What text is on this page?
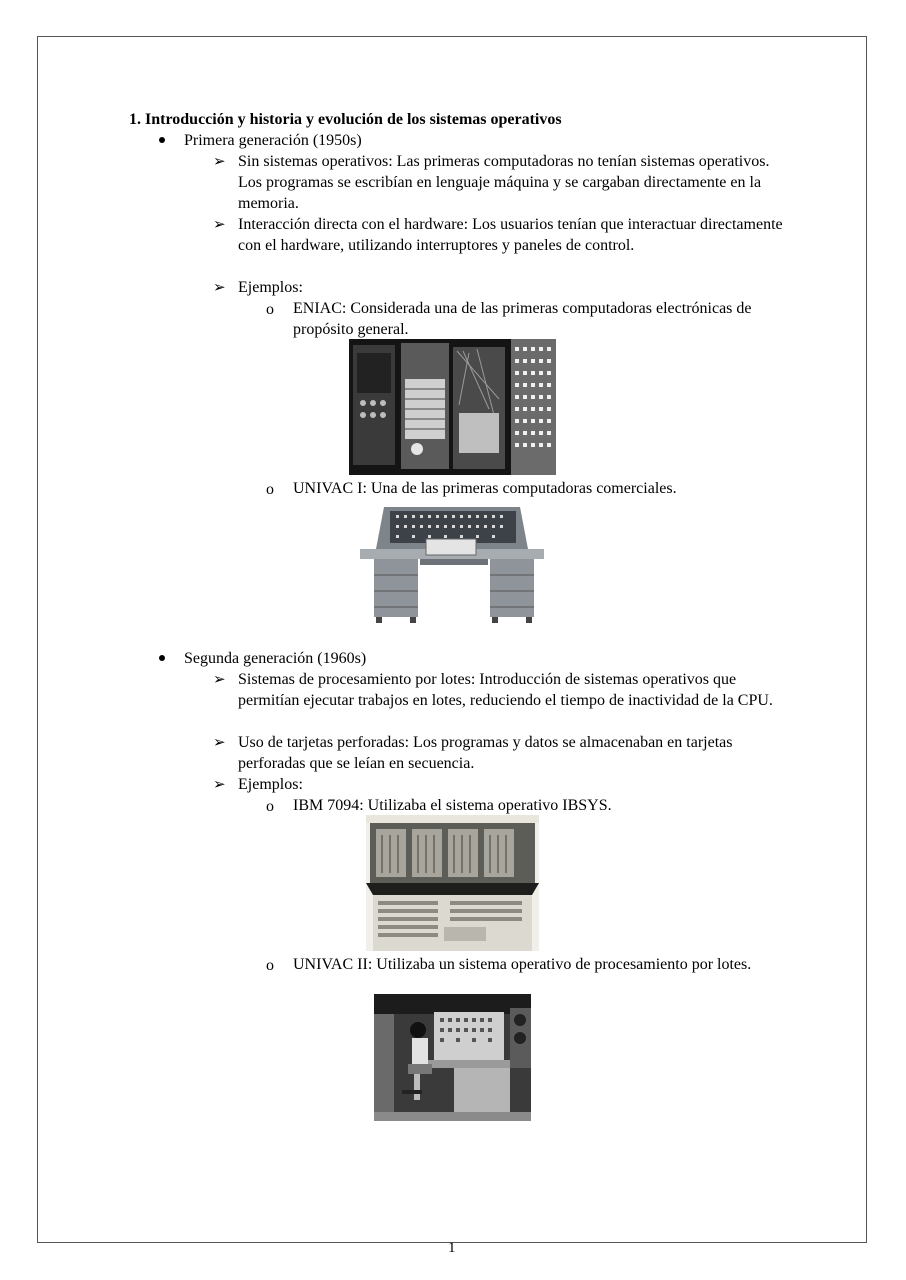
1. Introducción y historia y evolución de los sistemas operativos
Primera generación (1950s)
➢ Sin sistemas operativos: Las primeras computadoras no tenían sistemas operativos. Los programas se escribían en lenguaje máquina y se cargaban directamente en la memoria.
➢ Interacción directa con el hardware: Los usuarios tenían que interactuar directamente con el hardware, utilizando interruptores y paneles de control.
➢ Ejemplos:
o ENIAC: Considerada una de las primeras computadoras electrónicas de propósito general.
o UNIVAC I: Una de las primeras computadoras comerciales.
Segunda generación (1960s)
➢ Sistemas de procesamiento por lotes: Introducción de sistemas operativos que permitían ejecutar trabajos en lotes, reduciendo el tiempo de inactividad de la CPU.
➢ Uso de tarjetas perforadas: Los programas y datos se almacenaban en tarjetas perforadas que se leían en secuencia.
➢ Ejemplos:
o IBM 7094: Utilizaba el sistema operativo IBSYS.
o UNIVAC II: Utilizaba un sistema operativo de procesamiento por lotes.
1
